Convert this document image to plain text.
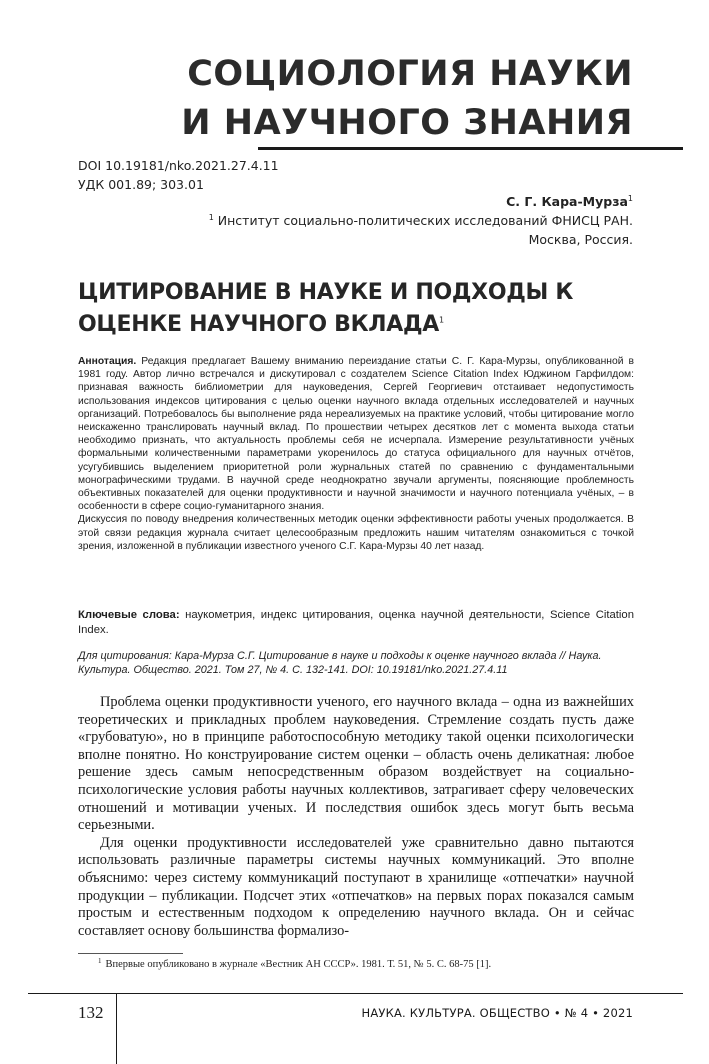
СОЦИОЛОГИЯ НАУКИ
И НАУЧНОГО ЗНАНИЯ
DOI 10.19181/nko.2021.27.4.11
УДК 001.89; 303.01
С. Г. Кара-Мурза$^1$
$^1$ Институт социально-политических исследований ФНИСЦ РАН.
Москва, Россия.
ЦИТИРОВАНИЕ В НАУКЕ И ПОДХОДЫ К ОЦЕНКЕ НАУЧНОГО ВКЛАДА$^1$

Аннотация. Редакция предлагает Вашему вниманию переиздание статьи С. Г. Кара-Мурзы, опубликованной в 1981 году. Автор лично встречался и дискутировал с создателем Science Citation Index Юджином Гарфилдом: признавая важность библиометрии для науковедения, Сергей Георгиевич отстаивает недопустимость использования индексов цитирования с целью оценки научного вклада отдельных исследователей и научных организаций. Потребовалось бы выполнение ряда нереализуемых на практике условий, чтобы цитирование могло неискаженно транслировать научный вклад. По прошествии четырех десятков лет с момента выхода статьи необходимо признать, что актуальность проблемы себя не исчерпала. Измерение результативности учёных формальными количественными параметрами укоренилось до статуса официального для научных отчётов, усугубившись выделением приоритетной роли журнальных статей по сравнению с фундаментальными монографическими трудами. В научной среде неоднократно звучали аргументы, поясняющие проблемность объективных показателей для оценки продуктивности и научной значимости и научного потенциала учёных, – в особенности в сфере социо-гуманитарного знания.

Дискуссия по поводу внедрения количественных методик оценки эффективности работы ученых продолжается. В этой связи редакция журнала считает целесообразным предложить нашим читателям ознакомиться с точкой зрения, изложенной в публикации известного ученого С.Г. Кара-Мурзы 40 лет назад.

Ключевые слова: наукометрия, индекс цитирования, оценка научной деятельности, Science Citation Index.
Для цитирования: Кара-Мурза С.Г. Цитирование в науке и подходы к оценке научного вклада // Наука. Культура. Общество. 2021. Том 27, № 4. С. 132-141. DOI: 10.19181/nko.2021.27.4.11

Проблема оценки продуктивности ученого, его научного вклада – одна из важнейших теоретических и прикладных проблем науковедения. Стремление создать пусть даже «грубоватую», но в принципе работоспособную методику такой оценки психологически вполне понятно. Но конструирование систем оценки – область очень деликатная: любое решение здесь самым непосредственным образом воздействует на социально-психологические условия работы научных коллективов, затрагивает сферу человеческих отношений и мотивации ученых. И последствия ошибок здесь могут быть весьма серьезными.

Для оценки продуктивности исследователей уже сравнительно давно пытаются использовать различные параметры системы научных коммуникаций. Это вполне объяснимо: через систему коммуникаций поступают в хранилище «отпечатки» научной продукции – публикации. Подсчет этих «отпечатков» на первых порах показался самым простым и естественным подходом к определению научного вклада. Он и сейчас составляет основу большинства формализо-

$^1$ Впервые опубликовано в журнале «Вестник АН СССР». 1981. Т. 51, № 5. С. 68-75 [1].
132	НАУКА. КУЛЬТУРА. ОБЩЕСТВО • № 4 • 2021
